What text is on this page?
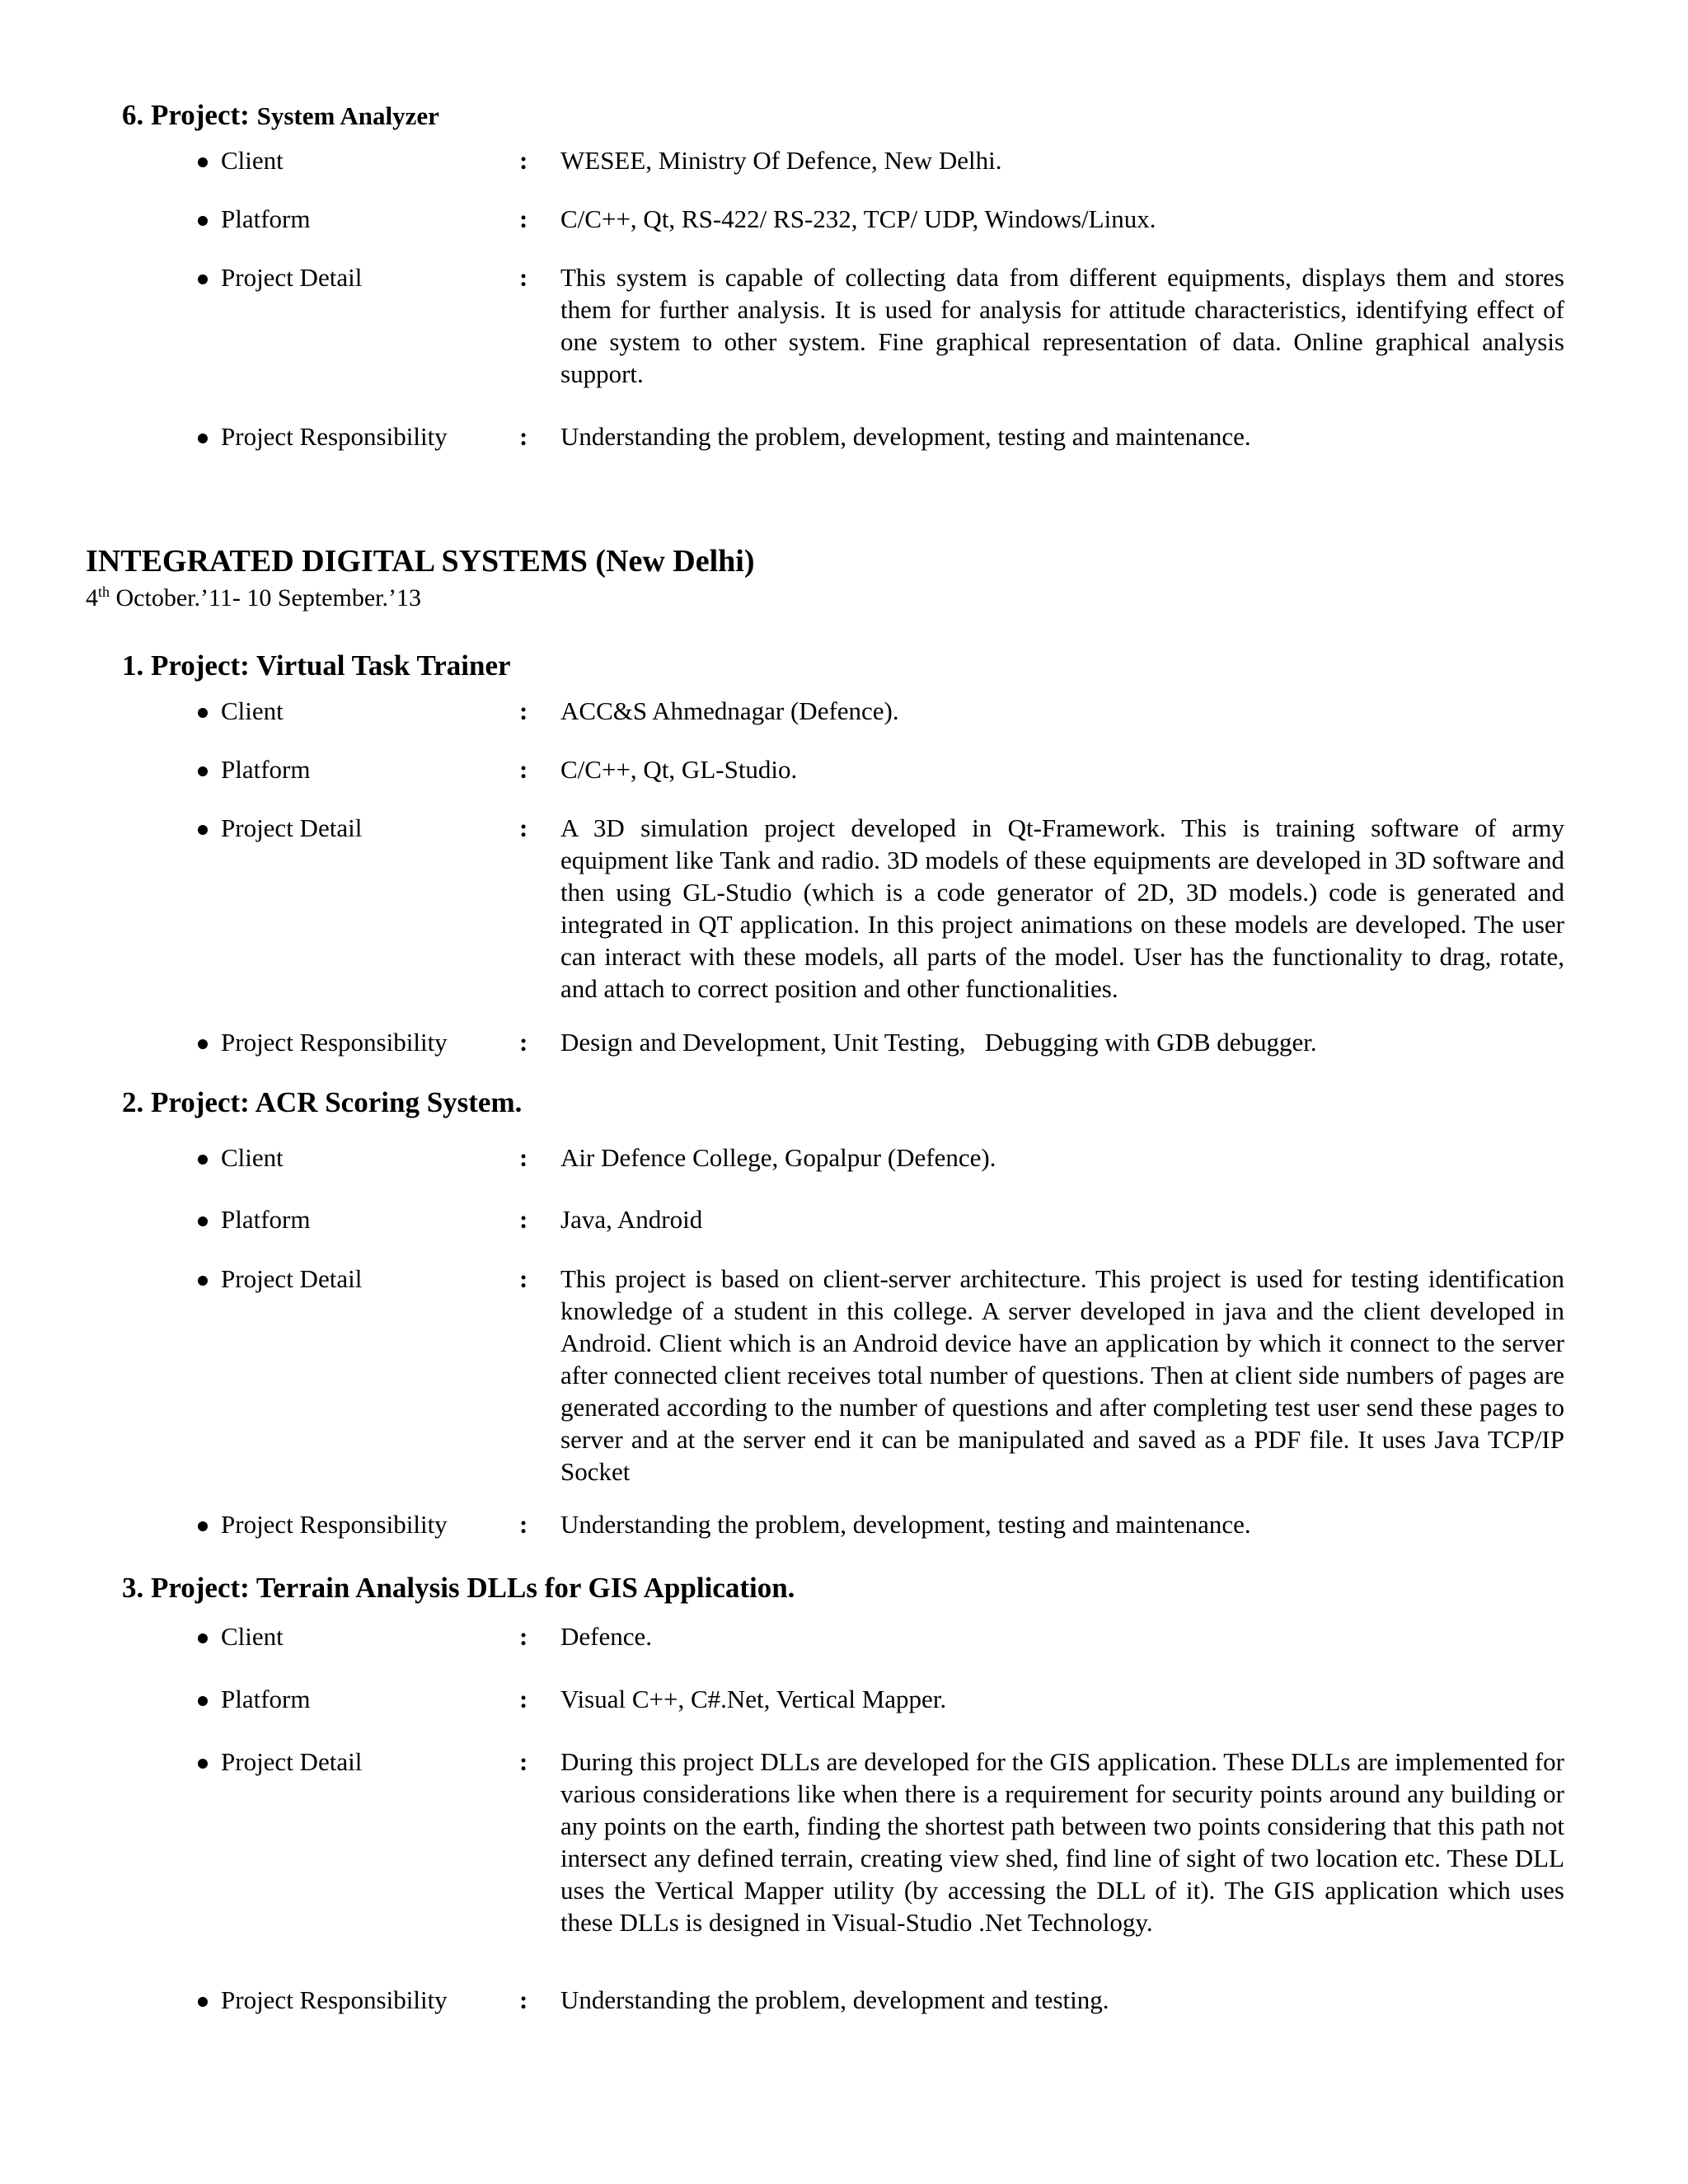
6. Project: System Analyzer
Client	: WESEE, Ministry Of Defence, New Delhi.
Platform	: C/C++, Qt, RS-422/ RS-232, TCP/ UDP, Windows/Linux.
Project Detail	: This system is capable of collecting data from different equipments, displays them and stores them for further analysis. It is used for analysis for attitude characteristics, identifying effect of one system to other system. Fine graphical representation of data. Online graphical analysis support.
Project Responsibility	: Understanding the problem, development, testing and maintenance.
INTEGRATED DIGITAL SYSTEMS (New Delhi)

4th October.’11- 10 September.’13

1. Project: Virtual Task Trainer
Client	: ACC&S Ahmednagar (Defence).
Platform	: C/C++, Qt, GL-Studio.
Project Detail	: A 3D simulation project developed in Qt-Framework. This is training software of army equipment like Tank and radio. 3D models of these equipments are developed in 3D software and then using GL-Studio (which is a code generator of 2D, 3D models.) code is generated and integrated in QT application. In this project animations on these models are developed. The user can interact with these models, all parts of the model. User has the functionality to drag, rotate, and attach to correct position and other functionalities.
Project Responsibility	: Design and Development, Unit Testing,   Debugging with GDB debugger.
2. Project: ACR Scoring System.
Client	: Air Defence College, Gopalpur (Defence).
Platform	: Java, Android
Project Detail	: This project is based on client-server architecture. This project is used for testing identification knowledge of a student in this college. A server developed in java and the client developed in Android. Client which is an Android device have an application by which it connect to the server after connected client receives total number of questions. Then at client side numbers of pages are generated according to the number of questions and after completing test user send these pages to server and at the server end it can be manipulated and saved as a PDF file. It uses Java TCP/IP Socket
Project Responsibility	: Understanding the problem, development, testing and maintenance.
3. Project: Terrain Analysis DLLs for GIS Application.
Client	: Defence.
Platform	: Visual C++, C#.Net, Vertical Mapper.
Project Detail	: During this project DLLs are developed for the GIS application. These DLLs are implemented for various considerations like when there is a requirement for security points around any building or any points on the earth, finding the shortest path between two points considering that this path not intersect any defined terrain, creating view shed, find line of sight of two location etc. These DLL uses the Vertical Mapper utility (by accessing the DLL of it). The GIS application which uses these DLLs is designed in Visual-Studio .Net Technology.
Project Responsibility	: Understanding the problem, development and testing.
